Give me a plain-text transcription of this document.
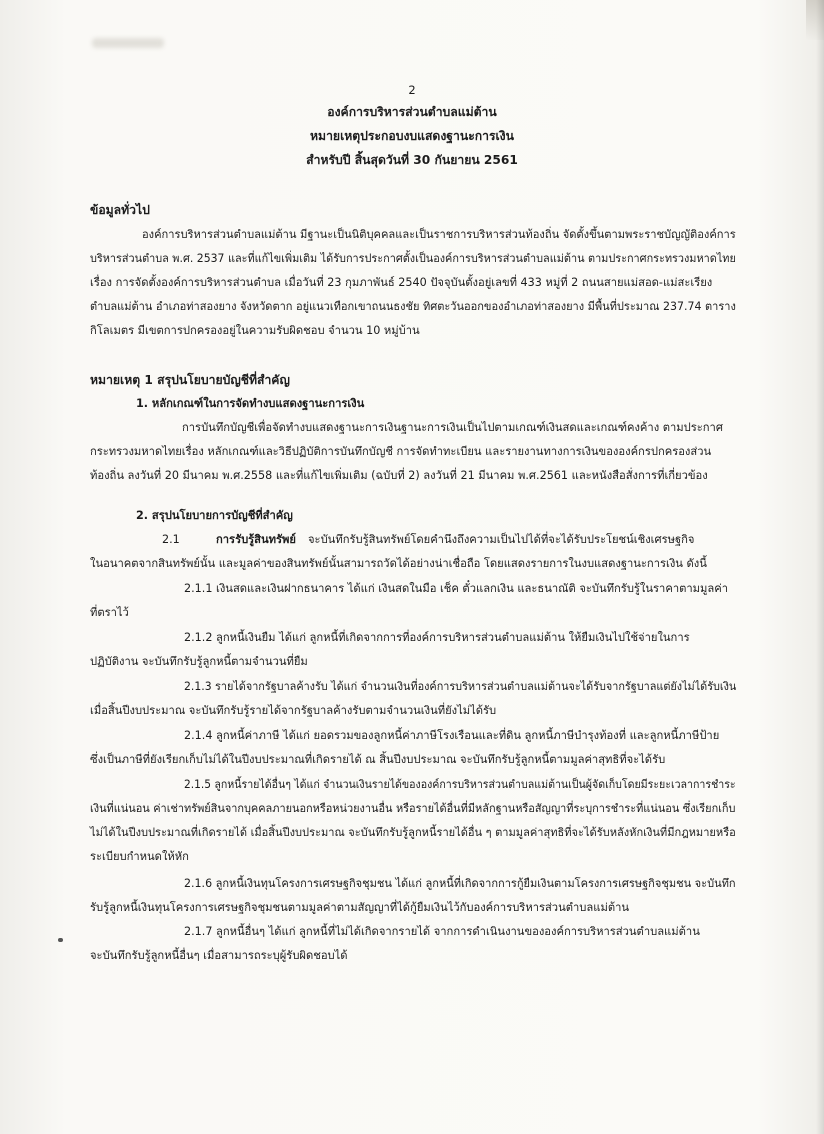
2
องค์การบริหารส่วนตำบลแม่ต้าน
หมายเหตุประกอบงบแสดงฐานะการเงิน
สำหรับปี สิ้นสุดวันที่ 30 กันยายน 2561
ข้อมูลทั่วไป
องค์การบริหารส่วนตำบลแม่ต้าน มีฐานะเป็นนิติบุคคลและเป็นราชการบริหารส่วนท้องถิ่น จัดตั้งขึ้นตามพระราชบัญญัติองค์การ
บริหารส่วนตำบล พ.ศ. 2537 และที่แก้ไขเพิ่มเติม ได้รับการประกาศตั้งเป็นองค์การบริหารส่วนตำบลแม่ต้าน ตามประกาศกระทรวงมหาดไทย
เรื่อง การจัดตั้งองค์การบริหารส่วนตำบล เมื่อวันที่ 23 กุมภาพันธ์ 2540 ปัจจุบันตั้งอยู่เลขที่ 433 หมู่ที่ 2 ถนนสายแม่สอด-แม่สะเรียง
ตำบลแม่ต้าน อำเภอท่าสองยาง จังหวัดตาก อยู่แนวเทือกเขาถนนธงชัย ทิศตะวันออกของอำเภอท่าสองยาง มีพื้นที่ประมาณ 237.74 ตาราง
กิโลเมตร มีเขตการปกครองอยู่ในความรับผิดชอบ จำนวน 10 หมู่บ้าน
หมายเหตุ 1 สรุปนโยบายบัญชีที่สำคัญ
1. หลักเกณฑ์ในการจัดทำงบแสดงฐานะการเงิน
การบันทึกบัญชีเพื่อจัดทำงบแสดงฐานะการเงินฐานะการเงินเป็นไปตามเกณฑ์เงินสดและเกณฑ์คงค้าง ตามประกาศ
กระทรวงมหาดไทยเรื่อง หลักเกณฑ์และวิธีปฏิบัติการบันทึกบัญชี การจัดทำทะเบียน และรายงานทางการเงินขององค์กรปกครองส่วน
ท้องถิ่น ลงวันที่ 20 มีนาคม พ.ศ.2558 และที่แก้ไขเพิ่มเติม (ฉบับที่ 2) ลงวันที่ 21 มีนาคม พ.ศ.2561 และหนังสือสั่งการที่เกี่ยวข้อง
2. สรุปนโยบายการบัญชีที่สำคัญ
2.1	การรับรู้สินทรัพย์ จะบันทึกรับรู้สินทรัพย์โดยคำนึงถึงความเป็นไปได้ที่จะได้รับประโยชน์เชิงเศรษฐกิจ
ในอนาคตจากสินทรัพย์นั้น และมูลค่าของสินทรัพย์นั้นสามารถวัดได้อย่างน่าเชื่อถือ โดยแสดงรายการในงบแสดงฐานะการเงิน ดังนี้
2.1.1 เงินสดและเงินฝากธนาคาร ได้แก่ เงินสดในมือ เช็ค ตั๋วแลกเงิน และธนาณัติ จะบันทึกรับรู้ในราคาตามมูลค่า
ที่ตราไว้
2.1.2 ลูกหนี้เงินยืม ได้แก่ ลูกหนี้ที่เกิดจากการที่องค์การบริหารส่วนตำบลแม่ต้าน ให้ยืมเงินไปใช้จ่ายในการ
ปฏิบัติงาน จะบันทึกรับรู้ลูกหนี้ตามจำนวนที่ยืม
2.1.3 รายได้จากรัฐบาลค้างรับ ได้แก่ จำนวนเงินที่องค์การบริหารส่วนตำบลแม่ต้านจะได้รับจากรัฐบาลแต่ยังไม่ได้รับเงิน
เมื่อสิ้นปีงบประมาณ จะบันทึกรับรู้รายได้จากรัฐบาลค้างรับตามจำนวนเงินที่ยังไม่ได้รับ
2.1.4 ลูกหนี้ค่าภาษี ได้แก่ ยอดรวมของลูกหนี้ค่าภาษีโรงเรือนและที่ดิน ลูกหนี้ภาษีบำรุงท้องที่ และลูกหนี้ภาษีป้าย
ซึ่งเป็นภาษีที่ยังเรียกเก็บไม่ได้ในปีงบประมาณที่เกิดรายได้ ณ สิ้นปีงบประมาณ จะบันทึกรับรู้ลูกหนี้ตามมูลค่าสุทธิที่จะได้รับ
2.1.5 ลูกหนี้รายได้อื่นๆ ได้แก่ จำนวนเงินรายได้ขององค์การบริหารส่วนตำบลแม่ต้านเป็นผู้จัดเก็บโดยมีระยะเวลาการชำระ
เงินที่แน่นอน ค่าเช่าทรัพย์สินจากบุคคลภายนอกหรือหน่วยงานอื่น หรือรายได้อื่นที่มีหลักฐานหรือสัญญาที่ระบุการชำระที่แน่นอน ซึ่งเรียกเก็บ
ไม่ได้ในปีงบประมาณที่เกิดรายได้ เมื่อสิ้นปีงบประมาณ จะบันทึกรับรู้ลูกหนี้รายได้อื่น ๆ ตามมูลค่าสุทธิที่จะได้รับหลังหักเงินที่มีกฎหมายหรือ
ระเบียบกำหนดให้หัก
2.1.6 ลูกหนี้เงินทุนโครงการเศรษฐกิจชุมชน ได้แก่ ลูกหนี้ที่เกิดจากการกู้ยืมเงินตามโครงการเศรษฐกิจชุมชน จะบันทึก
รับรู้ลูกหนี้เงินทุนโครงการเศรษฐกิจชุมชนตามมูลค่าตามสัญญาที่ได้กู้ยืมเงินไว้กับองค์การบริหารส่วนตำบลแม่ต้าน
2.1.7 ลูกหนี้อื่นๆ ได้แก่ ลูกหนี้ที่ไม่ได้เกิดจากรายได้ จากการดำเนินงานขององค์การบริหารส่วนตำบลแม่ต้าน
จะบันทึกรับรู้ลูกหนี้อื่นๆ เมื่อสามารถระบุผู้รับผิดชอบได้
